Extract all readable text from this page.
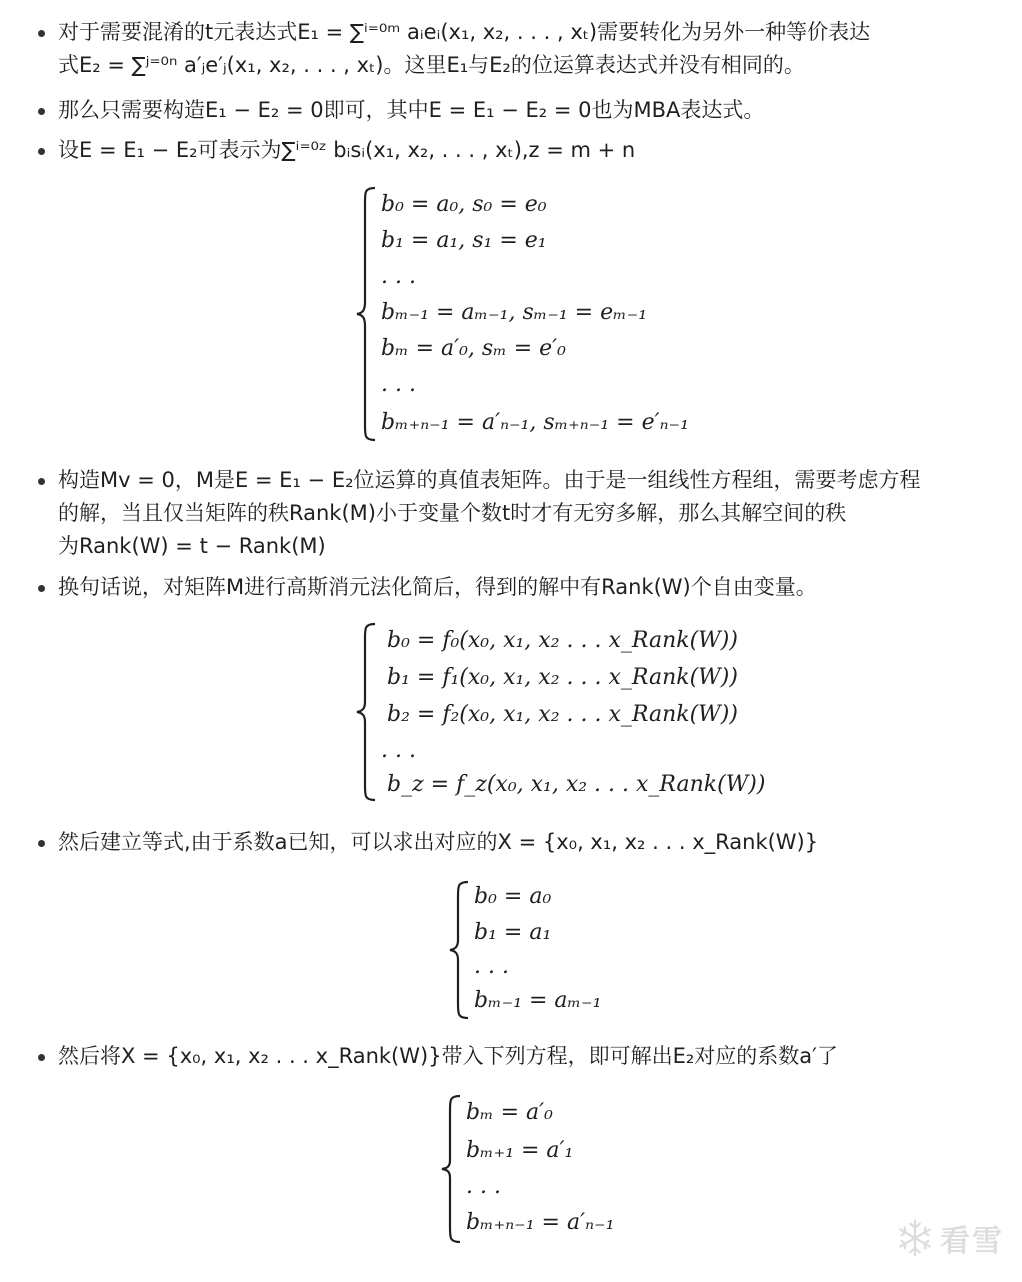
对于需要混淆的t元表达式E₁ = ∑ⁱ⁼⁰ᵐ aᵢeᵢ(x₁, x₂, . . . , xₜ)需要转化为另外一种等价表达
式E₂ = ∑ʲ⁼⁰ⁿ a′ⱼe′ⱼ(x₁, x₂, . . . , xₜ)。这里E₁与E₂的位运算表达式并没有相同的。
那么只需要构造E₁ − E₂ = 0即可，其中E = E₁ − E₂ = 0也为MBA表达式。
设E = E₁ − E₂可表示为∑ⁱ⁼⁰ᶻ bᵢsᵢ(x₁, x₂, . . . , xₜ),z = m + n
b₀ = a₀, s₀ = e₀
b₁ = a₁, s₁ = e₁
. . .
bₘ₋₁ = aₘ₋₁, sₘ₋₁ = eₘ₋₁
bₘ = a′₀, sₘ = e′₀
. . .
bₘ₊ₙ₋₁ = a′ₙ₋₁, sₘ₊ₙ₋₁ = e′ₙ₋₁
构造Mv = 0，M是E = E₁ − E₂位运算的真值表矩阵。由于是一组线性方程组，需要考虑方程
的解，当且仅当矩阵的秩Rank(M)小于变量个数t时才有无穷多解，那么其解空间的秩
为Rank(W) = t − Rank(M)
换句话说，对矩阵M进行高斯消元法化简后，得到的解中有Rank(W)个自由变量。
b₀ = f₀(x₀, x₁, x₂ . . . x_Rank(W))
b₁ = f₁(x₀, x₁, x₂ . . . x_Rank(W))
b₂ = f₂(x₀, x₁, x₂ . . . x_Rank(W))
. . .
b_z = f_z(x₀, x₁, x₂ . . . x_Rank(W))
然后建立等式,由于系数a已知，可以求出对应的X = {x₀, x₁, x₂ . . . x_Rank(W)}
b₀ = a₀
b₁ = a₁
. . .
bₘ₋₁ = aₘ₋₁
然后将X = {x₀, x₁, x₂ . . . x_Rank(W)}带入下列方程，即可解出E₂对应的系数a′了
bₘ = a′₀
bₘ₊₁ = a′₁
. . .
bₘ₊ₙ₋₁ = a′ₙ₋₁
看雪
